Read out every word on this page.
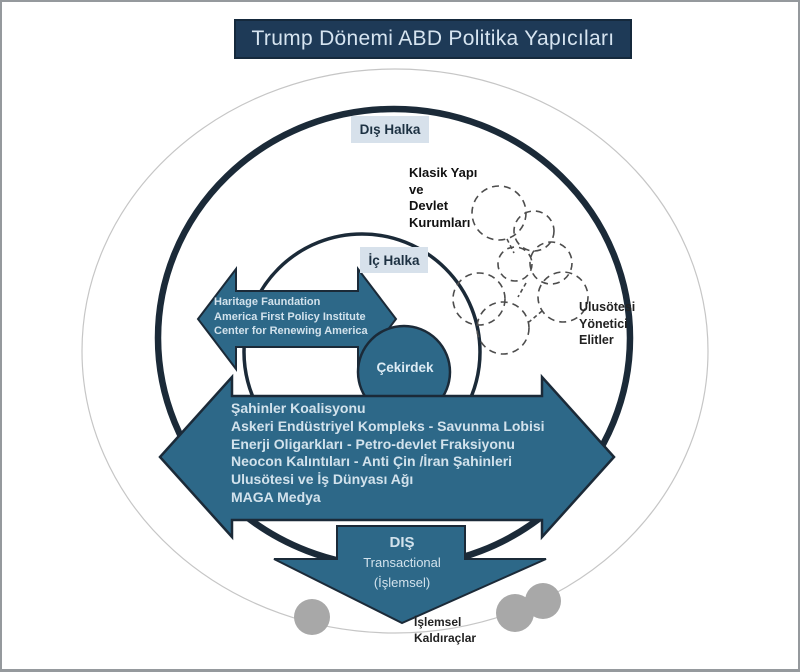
Trump Dönemi ABD Politika Yapıcıları
Dış Halka
İç Halka
Çekirdek
Klasik Yapı
ve
Devlet
Kurumları
Ulusötesi
Yönetici
Elitler
Haritage Faundation
America First Policy Institute
Center for Renewing America
Şahinler Koalisyonu
Askeri Endüstriyel Kompleks - Savunma Lobisi
Enerji Oligarkları - Petro-devlet Fraksiyonu
Neocon Kalıntıları - Anti Çin /İran Şahinleri
Ulusötesi ve İş Dünyası Ağı
MAGA Medya
DIŞ
Transactional
(İşlemsel)
İşlemsel
Kaldıraçlar
